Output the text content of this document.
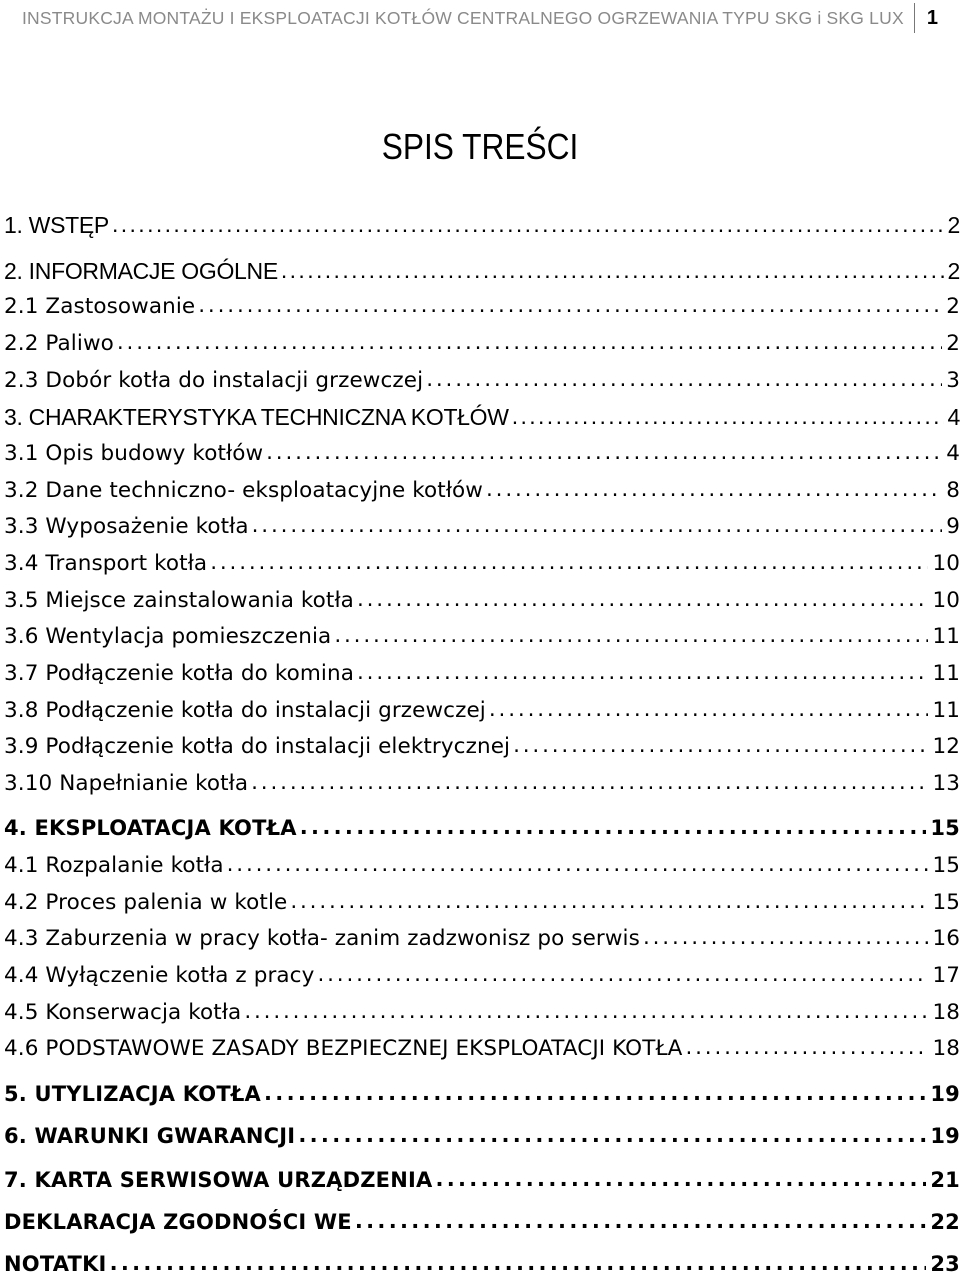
INSTRUKCJA MONTAŻU I EKSPLOATACJI KOTŁÓW CENTRALNEGO OGRZEWANIA TYPU SKG i SKG LUX 1
SPIS TREŚCI
1. WSTĘP . . .	2
2. INFORMACJE OGÓLNE . . .	2
2.1 Zastosowanie . . .	2
2.2 Paliwo . . .	2
2.3 Dobór kotła do instalacji grzewczej . . .	3
3. CHARAKTERYSTYKA TECHNICZNA KOTŁÓW . . .	4
3.1 Opis budowy kotłów . . .	4
3.2 Dane techniczno- eksploatacyjne kotłów . . .	8
3.3 Wyposażenie kotła . . .	9
3.4 Transport kotła . . .	10
3.5 Miejsce zainstalowania kotła . . .	10
3.6 Wentylacja pomieszczenia . . .	11
3.7 Podłączenie kotła do komina . . .	11
3.8 Podłączenie kotła do instalacji grzewczej . . .	11
3.9 Podłączenie kotła do instalacji elektrycznej . . .	12
3.10 Napełnianie kotła . . .	13
4. EKSPLOATACJA KOTŁA . . .	15
4.1 Rozpalanie kotła . . .	15
4.2 Proces palenia w kotle . . .	15
4.3 Zaburzenia w pracy kotła- zanim zadzwonisz po serwis . . .	16
4.4 Wyłączenie kotła z pracy . . .	17
4.5 Konserwacja kotła . . .	18
4.6 PODSTAWOWE ZASADY BEZPIECZNEJ EKSPLOATACJI KOTŁA . . .	18
5. UTYLIZACJA KOTŁA . . .	19
6. WARUNKI GWARANCJI . . .	19
7. KARTA SERWISOWA URZĄDZENIA . . .	21
DEKLARACJA ZGODNOŚCI WE . . .	22
NOTATKI . . .	23
